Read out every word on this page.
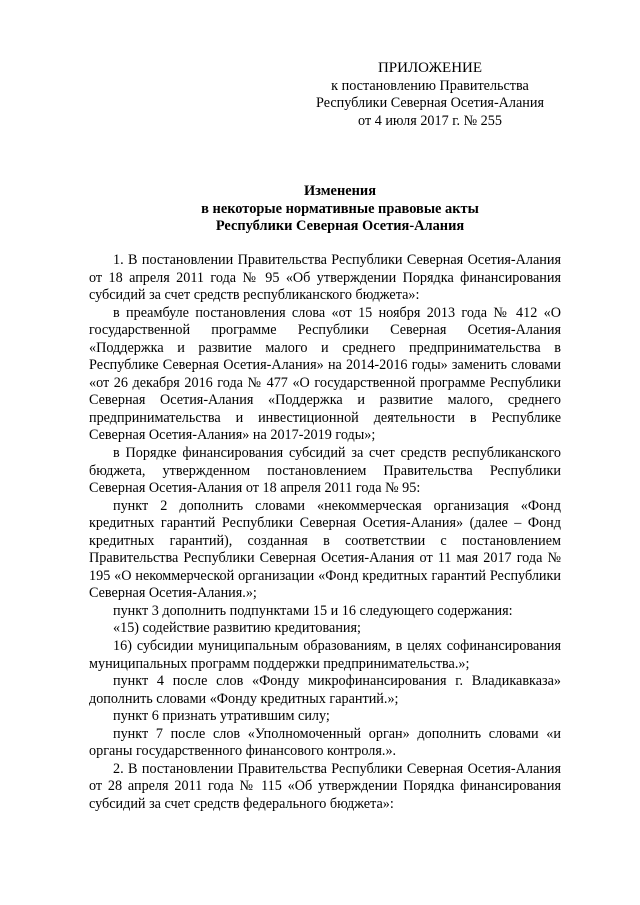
ПРИЛОЖЕНИЕ
к постановлению Правительства
Республики Северная Осетия-Алания
от 4 июля 2017 г. № 255
Изменения
в некоторые нормативные правовые акты
Республики Северная Осетия-Алания

1. В постановлении Правительства Республики Северная Осетия-Алания от 18 апреля 2011 года № 95 «Об утверждении Порядка финансирования субсидий за счет средств республиканского бюджета»:

в преамбуле постановления слова «от 15 ноября 2013 года № 412 «О государственной программе Республики Северная Осетия-Алания «Поддержка и развитие малого и среднего предпринимательства в Республике Северная Осетия-Алания» на 2014-2016 годы» заменить словами «от 26 декабря 2016 года № 477 «О государственной программе Республики Северная Осетия-Алания «Поддержка и развитие малого, среднего предпринимательства и инвестиционной деятельности в Республике Северная Осетия-Алания» на 2017-2019 годы»;

в Порядке финансирования субсидий за счет средств республиканского бюджета, утвержденном постановлением Правительства Республики Северная Осетия-Алания от 18 апреля 2011 года № 95:

пункт 2 дополнить словами «некоммерческая организация «Фонд кредитных гарантий Республики Северная Осетия-Алания» (далее – Фонд кредитных гарантий), созданная в соответствии с постановлением Правительства Республики Северная Осетия-Алания от 11 мая 2017 года № 195 «О некоммерческой организации «Фонд кредитных гарантий Республики Северная Осетия-Алания.»;

пункт 3 дополнить подпунктами 15 и 16 следующего содержания:

«15) содействие развитию кредитования;

16) субсидии муниципальным образованиям, в целях софинансирования муниципальных программ поддержки предпринимательства.»;

пункт 4 после слов «Фонду микрофинансирования г. Владикавказа» дополнить словами «Фонду кредитных гарантий.»;

пункт 6 признать утратившим силу;

пункт 7 после слов «Уполномоченный орган» дополнить словами «и органы государственного финансового контроля.».

2. В постановлении Правительства Республики Северная Осетия-Алания от 28 апреля 2011 года № 115 «Об утверждении Порядка финансирования субсидий за счет средств федерального бюджета»:
